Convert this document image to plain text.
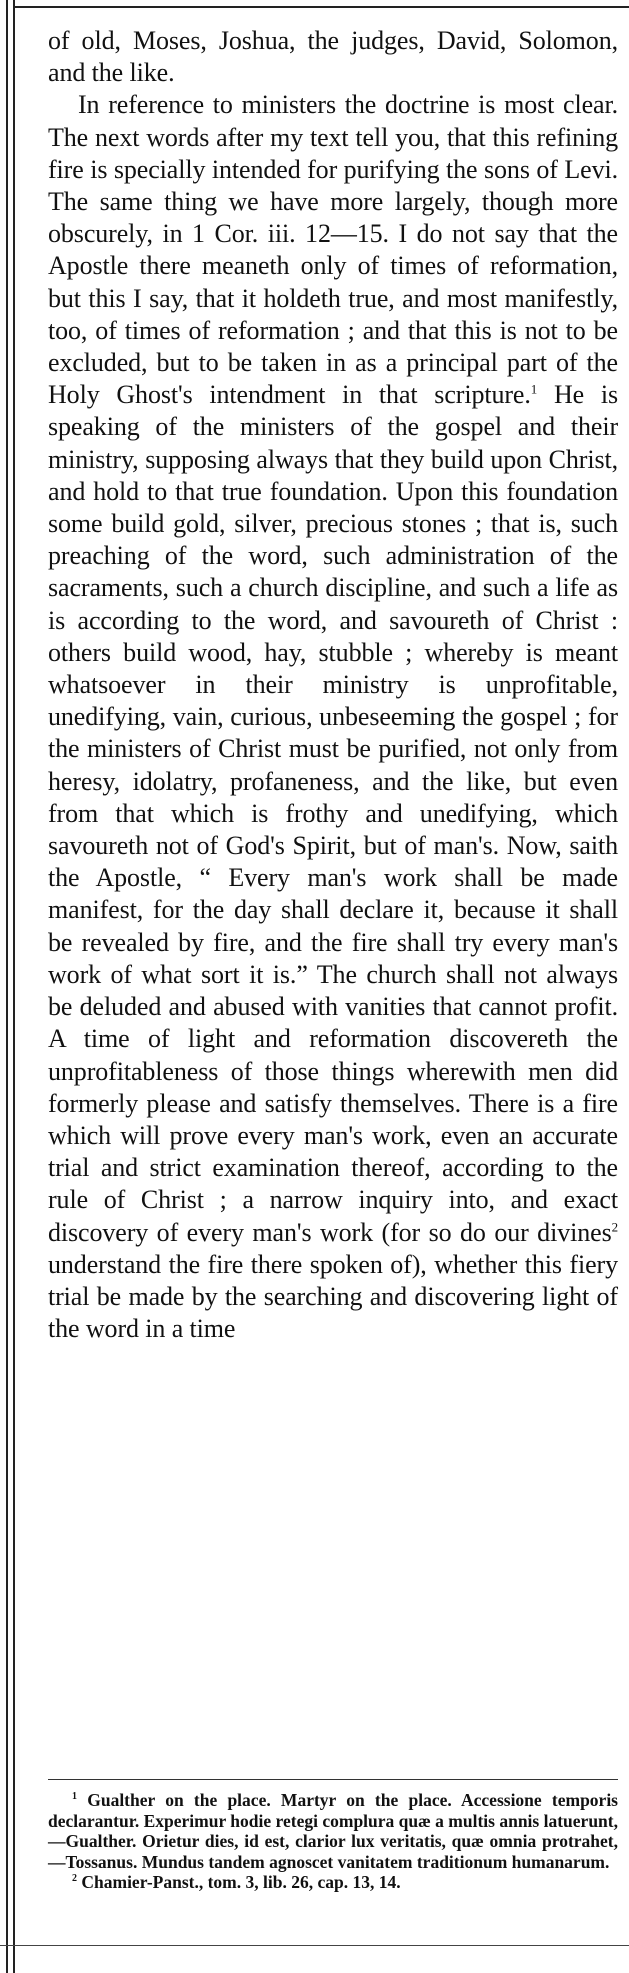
of old, Moses, Joshua, the judges, David, Solomon, and the like.

In reference to ministers the doctrine is most clear. The next words after my text tell you, that this refining fire is specially intended for purifying the sons of Levi. The same thing we have more largely, though more obscurely, in 1 Cor. iii. 12—15. I do not say that the Apostle there meaneth only of times of reformation, but this I say, that it holdeth true, and most manifestly, too, of times of reformation ; and that this is not to be excluded, but to be taken in as a principal part of the Holy Ghost's intendment in that scripture.$^1$ He is speaking of the ministers of the gospel and their ministry, supposing always that they build upon Christ, and hold to that true foundation. Upon this foundation some build gold, silver, precious stones ; that is, such preaching of the word, such administration of the sacraments, such a church discipline, and such a life as is according to the word, and savoureth of Christ : others build wood, hay, stubble ; whereby is meant whatsoever in their ministry is unprofitable, unedifying, vain, curious, unbeseeming the gospel ; for the ministers of Christ must be purified, not only from heresy, idolatry, profaneness, and the like, but even from that which is frothy and unedifying, which savoureth not of God's Spirit, but of man's. Now, saith the Apostle, “ Every man's work shall be made manifest, for the day shall declare it, because it shall be revealed by fire, and the fire shall try every man's work of what sort it is.” The church shall not always be deluded and abused with vanities that cannot profit. A time of light and reformation discovereth the unprofitableness of those things wherewith men did formerly please and satisfy themselves. There is a fire which will prove every man's work, even an accurate trial and strict examination thereof, according to the rule of Christ ; a narrow inquiry into, and exact discovery of every man's work (for so do our divines$^2$ understand the fire there spoken of), whether this fiery trial be made by the searching and discovering light of the word in a time

$^1$ Gualther on the place. Martyr on the place. Accessione temporis declarantur. Experimur hodie retegi complura quæ a multis annis latuerunt,—Gualther. Orietur dies, id est, clarior lux veritatis, quæ omnia protrahet,—Tossanus. Mundus tandem agnoscet vanitatem traditionum humanarum.

$^2$ Chamier-Panst., tom. 3, lib. 26, cap. 13, 14.
